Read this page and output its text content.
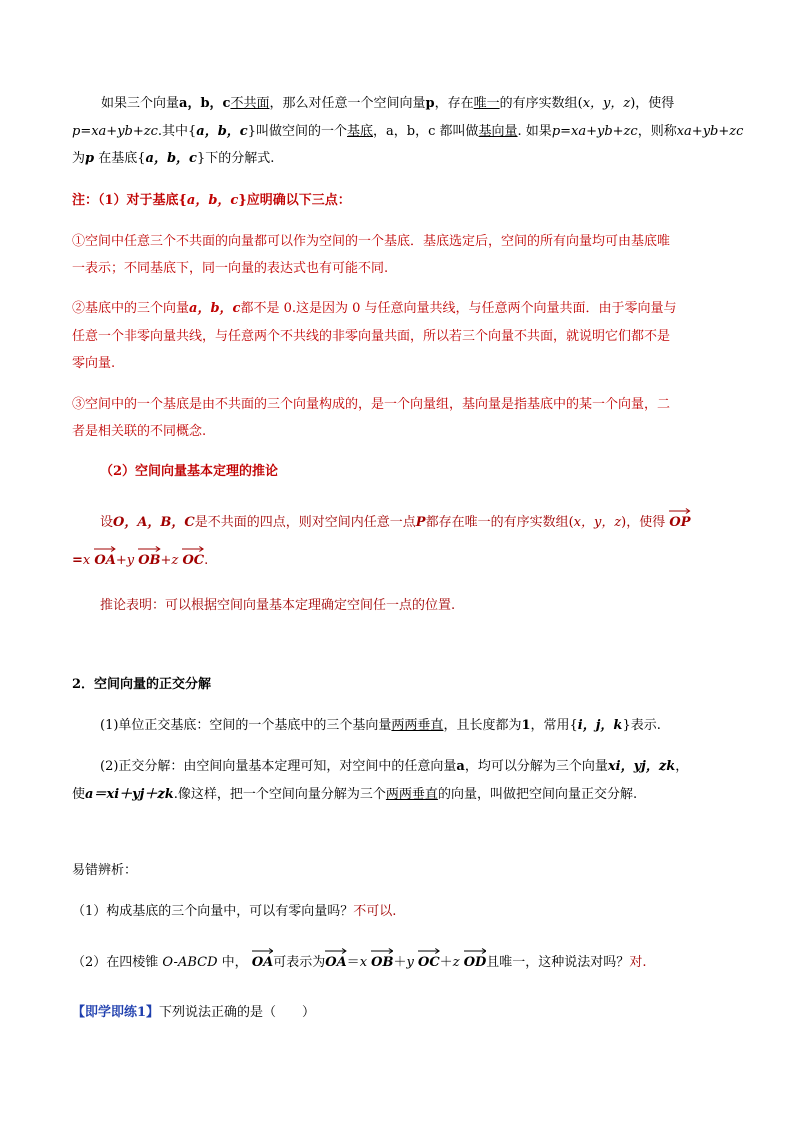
如果三个向量a，b，c不共面，那么对任意一个空间向量p，存在唯一的有序实数组(x，y，z)，使得
p=xa+yb+zc.其中{a，b，c}叫做空间的一个基底，a，b，c 都叫做基向量. 如果p=xa+yb+zc，则称xa+yb+zc
为p 在基底{a，b，c}下的分解式.
注：（1）对于基底{a，b，c}应明确以下三点：
①空间中任意三个不共面的向量都可以作为空间的一个基底．基底选定后，空间的所有向量均可由基底唯
一表示；不同基底下，同一向量的表达式也有可能不同.
②基底中的三个向量a，b，c都不是 0.这是因为 0 与任意向量共线，与任意两个向量共面．由于零向量与
任意一个非零向量共线，与任意两个不共线的非零向量共面，所以若三个向量不共面，就说明它们都不是
零向量.
③空间中的一个基底是由不共面的三个向量构成的，是一个向量组，基向量是指基底中的某一个向量，二
者是相关联的不同概念.
（2）空间向量基本定理的推论
设O，A，B，C是不共面的四点，则对空间内任意一点P都存在唯一的有序实数组(x，y，z)，使得 OP
=x OA+y OB+z OC.
推论表明：可以根据空间向量基本定理确定空间任一点的位置.
2．空间向量的正交分解
(1)单位正交基底：空间的一个基底中的三个基向量两两垂直，且长度都为1，常用{i，j，k}表示.
(2)正交分解：由空间向量基本定理可知，对空间中的任意向量a，均可以分解为三个向量xi，yj，zk，
使a＝xi＋yj＋zk.像这样，把一个空间向量分解为三个两两垂直的向量，叫做把空间向量正交分解.
易错辨析：
（1）构成基底的三个向量中，可以有零向量吗？不可以.
（2）在四棱锥 O-ABCD 中， OA可表示为
OA＝x OB＋y OC＋z OD且唯一，这种说法对吗？对.
【即学即练1】下列说法正确的是（　　）
